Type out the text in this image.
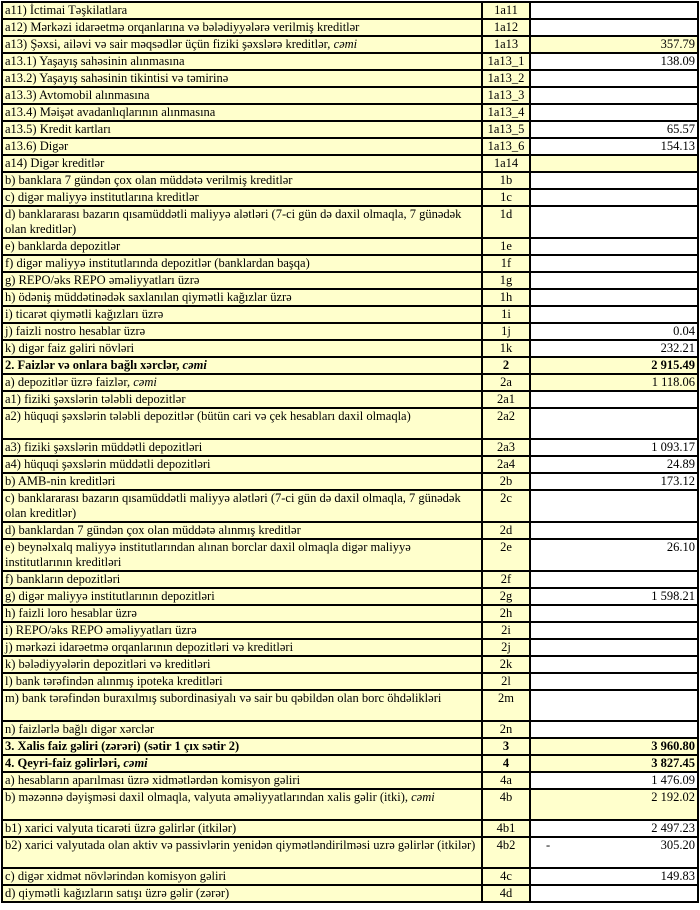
a11) İctimai Təşkilatlara	1a11	
a12) Mərkəzi idarəetmə orqanlarına və bələdiyyələrə verilmiş kreditlər	1a12	
a13) Şəxsi, ailəvi və sair məqsədlər üçün fiziki şəxslərə kreditlər, cəmi	1a13	357.79
a13.1) Yaşayış sahəsinin alınmasına	1a13_1	138.09
a13.2) Yaşayış sahəsinin tikintisi və təmirinə	1a13_2	
a13.3) Avtomobil alınmasına	1a13_3	
a13.4) Məişət avadanlıqlarının alınmasına	1a13_4	
a13.5) Kredit kartları	1a13_5	65.57
a13.6) Digər	1a13_6	154.13
a14) Digər kreditlər	1a14	
b) banklara 7 gündən çox olan müddətə verilmiş kreditlər	1b	
c) digər maliyyə institutlarına kreditlər	1c	
d) banklararası bazarın qısamüddətli maliyyə alətləri (7-ci gün də daxil olmaqla, 7 günədək olan kreditlər)	1d	
e) banklarda depozitlər	1e	
f) digər maliyyə institutlarında depozitlər (banklardan başqa)	1f	
g) REPO/əks REPO əməliyyatları üzrə	1g	
h) ödəniş müddətinədək saxlanılan qiymətli kağızlar üzrə	1h	
i) ticarət qiymətli kağızları üzrə	1i	
j) faizli nostro hesablar üzrə	1j	0.04
k) digər faiz gəliri növləri	1k	232.21
2. Faizlər və onlara bağlı xərclər, cəmi	2	2 915.49
a) depozitlər üzrə faizlər, cəmi	2a	1 118.06
a1) fiziki şəxslərin tələbli depozitlər	2a1	
a2) hüquqi şəxslərin tələbli depozitlər (bütün cari və çek hesabları daxil olmaqla)	2a2	
a3) fiziki şəxslərin müddətli depozitləri	2a3	1 093.17
a4) hüquqi şəxslərin müddətli depozitləri	2a4	24.89
b) AMB-nin kreditləri	2b	173.12
c) banklararası bazarın qısamüddətli maliyyə alətləri (7-ci gün də daxil olmaqla, 7 günədək olan kreditlər)	2c	
d) banklardan 7 gündən çox olan müddətə alınmış kreditlər	2d	
e) beynəlxalq maliyyə institutlarından alınan borclar daxil olmaqla digər maliyyə institutlarının kreditləri	2e	26.10
f) bankların depozitləri	2f	
g) digər maliyyə institutlarının depozitləri	2g	1 598.21
h) faizli loro hesablar üzrə	2h	
i) REPO/əks REPO əməliyyatları üzrə	2i	
j) mərkəzi idarəetmə orqanlarının depozitləri və kreditləri	2j	
k) bələdiyyələrin depozitləri və kreditləri	2k	
l) bank tərəfindən alınmış ipoteka kreditləri	2l	
m) bank tərəfindən buraxılmış subordinasiyalı və sair bu qəbildən olan borc öhdəlikləri	2m	
n) faizlərlə bağlı digər xərclər	2n	
3. Xalis faiz gəliri (zərəri) (sətir 1 çıx sətir 2)	3	3 960.80
4. Qeyri-faiz gəlirləri, cəmi	4	3 827.45
a) hesabların aparılması üzrə xidmətlərdən komisyon gəliri	4a	1 476.09
b) məzənnə dəyişməsi daxil olmaqla, valyuta əməliyyatlarından xalis gəlir (itki), cəmi	4b	2 192.02
b1) xarici valyuta ticarəti üzrə gəlirlər (itkilər)	4b1	2 497.23
b2) xarici valyutada olan aktiv və passivlərin yenidən qiymətləndirilməsi uzrə gəlirlər (itkilər)	4b2	- 305.20

c) digər xidmət növlərindən komisyon gəliri	4c	149.83
d) qiymətli kağızların satışı üzrə gəlir (zərər)	4d	
